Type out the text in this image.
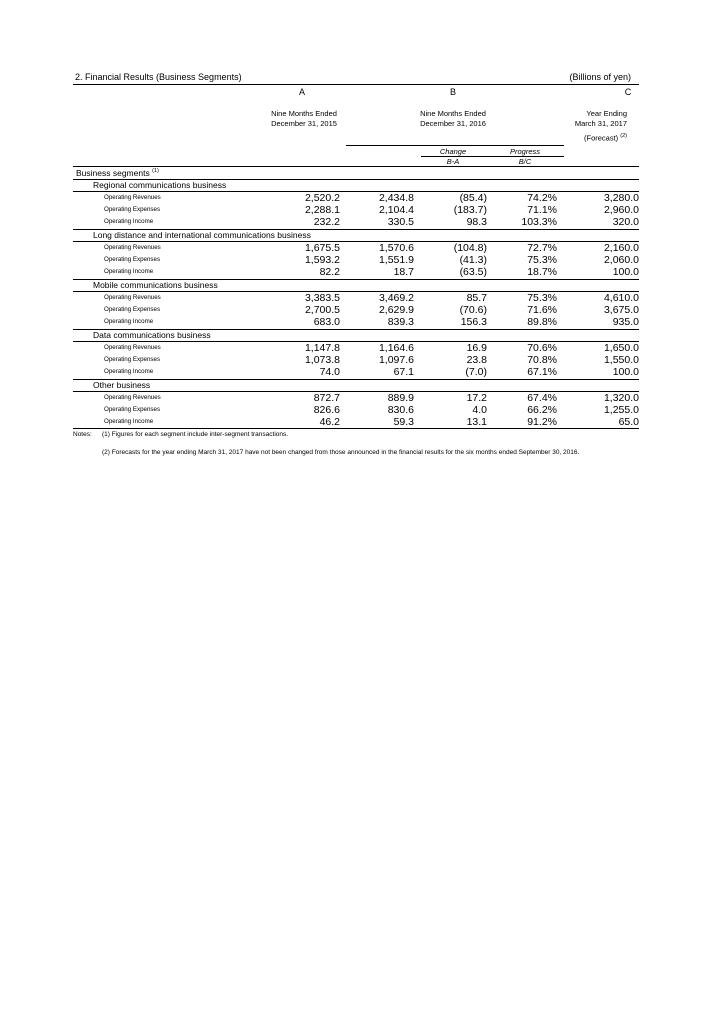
2. Financial Results (Business Segments)	(Billions of yen)
A	B	C
Nine Months Ended
December 31, 2015
Nine Months Ended
December 31, 2016
Year Ending
March 31, 2017
(Forecast) $^{(2)}$
Change	Progress
B-A	B/C
Business segments $^{(1)}$
Regional communications business
Operating Revenues	2,520.2	2,434.8	(85.4)	74.2%	3,280.0
Operating Expenses	2,288.1	2,104.4	(183.7)	71.1%	2,960.0
Operating Income	232.2	330.5	98.3	103.3%	320.0
Long distance and international communications business
Operating Revenues	1,675.5	1,570.6	(104.8)	72.7%	2,160.0
Operating Expenses	1,593.2	1,551.9	(41.3)	75.3%	2,060.0
Operating Income	82.2	18.7	(63.5)	18.7%	100.0
Mobile communications business
Operating Revenues	3,383.5	3,469.2	85.7	75.3%	4,610.0
Operating Expenses	2,700.5	2,629.9	(70.6)	71.6%	3,675.0
Operating Income	683.0	839.3	156.3	89.8%	935.0
Data communications business
Operating Revenues	1,147.8	1,164.6	16.9	70.6%	1,650.0
Operating Expenses	1,073.8	1,097.6	23.8	70.8%	1,550.0
Operating Income	74.0	67.1	(7.0)	67.1%	100.0
Other business
Operating Revenues	872.7	889.9	17.2	67.4%	1,320.0
Operating Expenses	826.6	830.6	4.0	66.2%	1,255.0
Operating Income	46.2	59.3	13.1	91.2%	65.0
Notes: (1) Figures for each segment include inter-segment transactions.
(2) Forecasts for the year ending March 31, 2017 have not been changed from those announced in the financial results for the six months ended September 30, 2016.
